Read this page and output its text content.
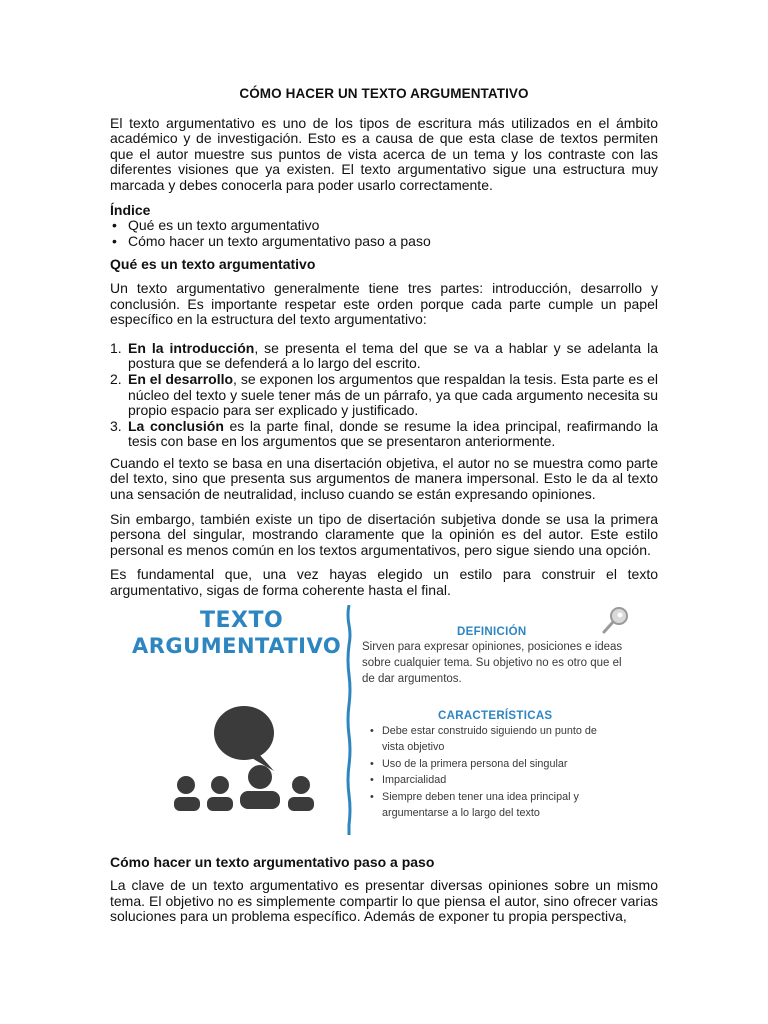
CÓMO HACER UN TEXTO ARGUMENTATIVO

El texto argumentativo es uno de los tipos de escritura más utilizados en el ámbito académico y de investigación. Esto es a causa de que esta clase de textos permiten que el autor muestre sus puntos de vista acerca de un tema y los contraste con las diferentes visiones que ya existen. El texto argumentativo sigue una estructura muy marcada y debes conocerla para poder usarlo correctamente.

Índice
• Qué es un texto argumentativo
• Cómo hacer un texto argumentativo paso a paso
Qué es un texto argumentativo

Un texto argumentativo generalmente tiene tres partes: introducción, desarrollo y conclusión. Es importante respetar este orden porque cada parte cumple un papel específico en la estructura del texto argumentativo:

1. En la introducción, se presenta el tema del que se va a hablar y se adelanta la postura que se defenderá a lo largo del escrito.
2. En el desarrollo, se exponen los argumentos que respaldan la tesis. Esta parte es el núcleo del texto y suele tener más de un párrafo, ya que cada argumento necesita su propio espacio para ser explicado y justificado.
3. La conclusión es la parte final, donde se resume la idea principal, reafirmando la tesis con base en los argumentos que se presentaron anteriormente.

Cuando el texto se basa en una disertación objetiva, el autor no se muestra como parte del texto, sino que presenta sus argumentos de manera impersonal. Esto le da al texto una sensación de neutralidad, incluso cuando se están expresando opiniones.

Sin embargo, también existe un tipo de disertación subjetiva donde se usa la primera persona del singular, mostrando claramente que la opinión es del autor. Este estilo personal es menos común en los textos argumentativos, pero sigue siendo una opción.

Es fundamental que, una vez hayas elegido un estilo para construir el texto argumentativo, sigas de forma coherente hasta el final.

TEXTO
ARGUMENTATIVO
DEFINICIÓN
Sirven para expresar opiniones, posiciones e ideas sobre cualquier tema. Su objetivo no es otro que el de dar argumentos.
CARACTERÍSTICAS
• Debe estar construido siguiendo un punto de vista objetivo
• Uso de la primera persona del singular
• Imparcialidad
• Siempre deben tener una idea principal y argumentarse a lo largo del texto
Cómo hacer un texto argumentativo paso a paso

La clave de un texto argumentativo es presentar diversas opiniones sobre un mismo tema. El objetivo no es simplemente compartir lo que piensa el autor, sino ofrecer varias soluciones para un problema específico. Además de exponer tu propia perspectiva,
